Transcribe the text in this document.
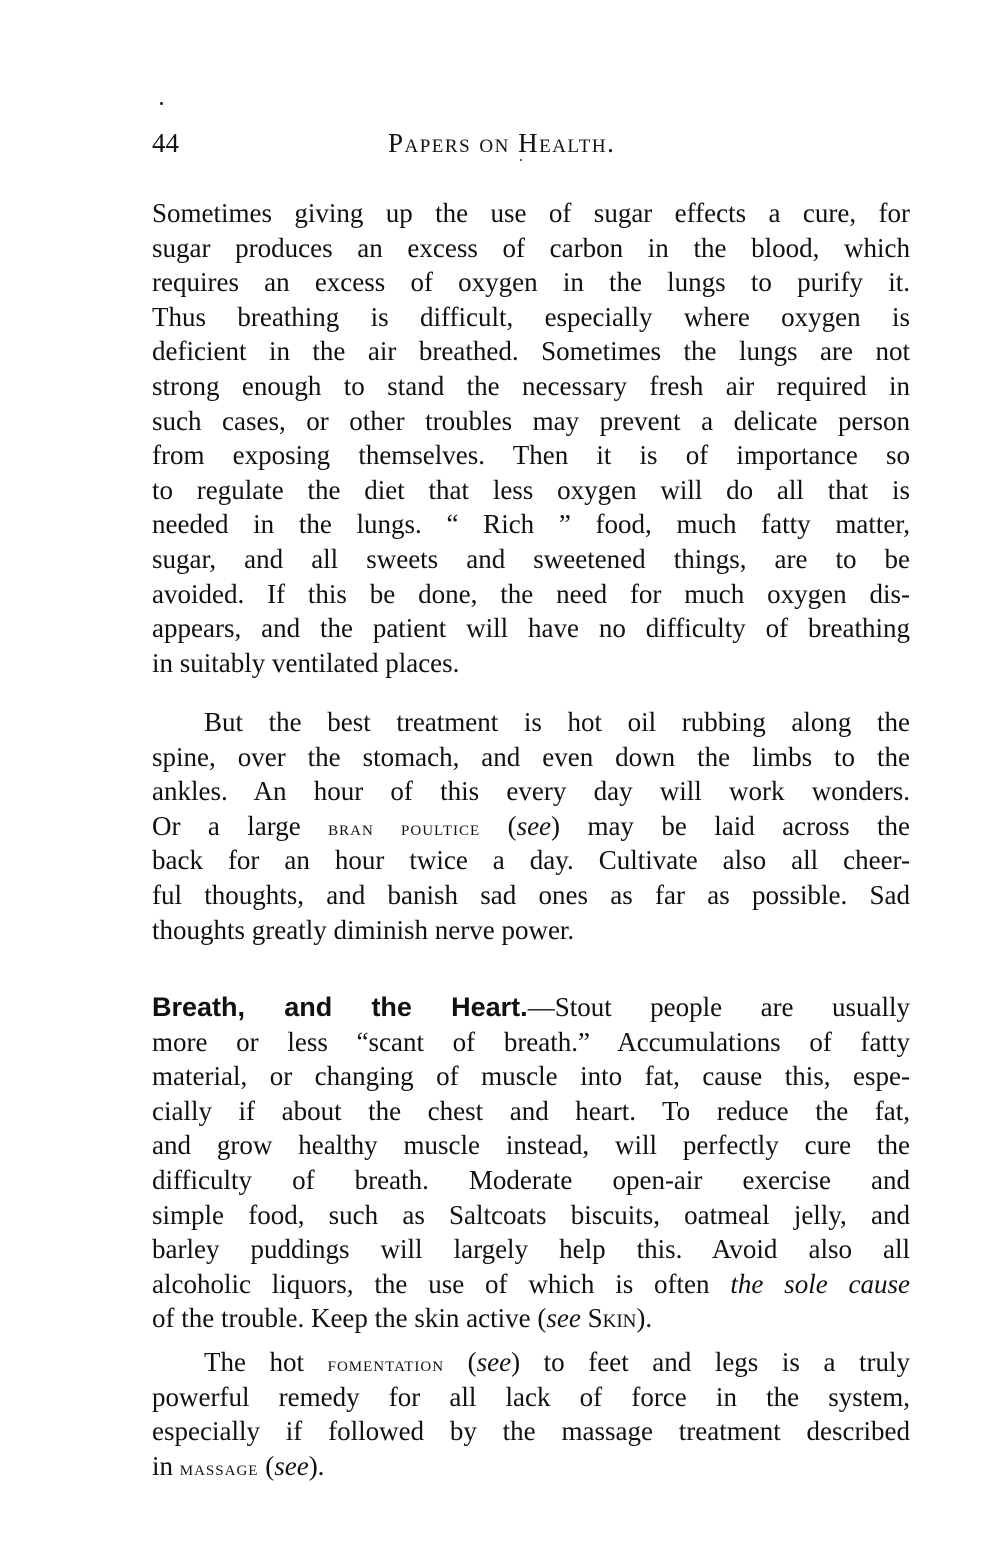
44	Papers on Health.
Sometimes giving up the use of sugar effects a cure, for
sugar produces an excess of carbon in the blood, which
requires an excess of oxygen in the lungs to purify it.
Thus breathing is difficult, especially where oxygen is
deficient in the air breathed. Sometimes the lungs are not
strong enough to stand the necessary fresh air required in
such cases, or other troubles may prevent a delicate person
from exposing themselves. Then it is of importance so
to regulate the diet that less oxygen will do all that is
needed in the lungs. “ Rich ” food, much fatty matter,
sugar, and all sweets and sweetened things, are to be
avoided. If this be done, the need for much oxygen dis-
appears, and the patient will have no difficulty of breathing
in suitably ventilated places.
But the best treatment is hot oil rubbing along the
spine, over the stomach, and even down the limbs to the
ankles. An hour of this every day will work wonders.
Or a large bran poultice (see) may be laid across the
back for an hour twice a day. Cultivate also all cheer-
ful thoughts, and banish sad ones as far as possible. Sad
thoughts greatly diminish nerve power.
Breath, and the Heart.—Stout people are usually
more or less “scant of breath.” Accumulations of fatty
material, or changing of muscle into fat, cause this, espe-
cially if about the chest and heart. To reduce the fat,
and grow healthy muscle instead, will perfectly cure the
difficulty of breath. Moderate open-air exercise and
simple food, such as Saltcoats biscuits, oatmeal jelly, and
barley puddings will largely help this. Avoid also all
alcoholic liquors, the use of which is often the sole cause
of the trouble. Keep the skin active (see Skin).
The hot fomentation (see) to feet and legs is a truly
powerful remedy for all lack of force in the system,
especially if followed by the massage treatment described
in massage (see).
